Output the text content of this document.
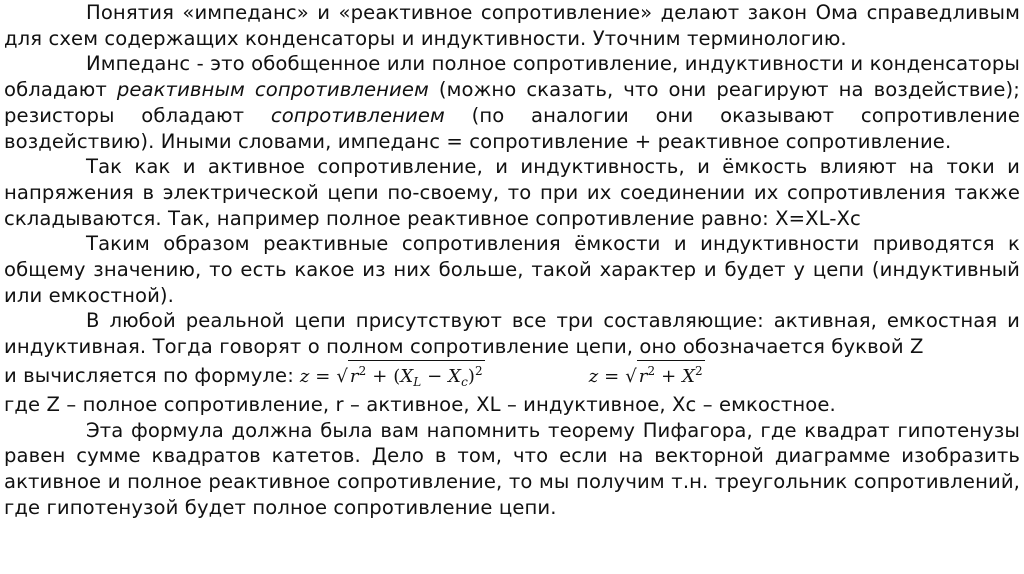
Понятия «импеданс» и «реактивное сопротивление» делают закон Ома справедливым для схем содержащих конденсаторы и индуктивности. Уточним терминологию.

Импеданс - это обобщенное или полное сопротивление, индуктивности и конденсаторы обладают реактивным сопротивлением (можно сказать, что они реагируют на воздействие); резисторы обладают сопротивлением (по аналогии они оказывают сопротивление воздействию). Иными словами, импеданс = сопротивление + реактивное сопротивление.

Так как и активное сопротивление, и индуктивность, и ёмкость влияют на токи и напряжения в электрической цепи по-своему, то при их соединении их сопротивления также складываются. Так, например полное реактивное сопротивление равно: Х=ХL-Хс

Таким образом реактивные сопротивления ёмкости и индуктивности приводятся к общему значению, то есть какое из них больше, такой характер и будет у цепи (индуктивный или емкостной).

В любой реальной цепи присутствуют все три составляющие: активная, емкостная и индуктивная. Тогда говорят о полном сопротивление цепи, оно обозначается буквой Z

и вычисляется по формуле: z = √ $r^2 + (X_L - X_c)^2$	z = √ $r^2 + X^2$

где Z – полное сопротивление, r – активное, XL – индуктивное, Хс – емкостное.

Эта формула должна была вам напомнить теорему Пифагора, где квадрат гипотенузы равен сумме квадратов катетов. Дело в том, что если на векторной диаграмме изобразить активное и полное реактивное сопротивление, то мы получим т.н. треугольник сопротивлений, где гипотенузой будет полное сопротивление цепи.
